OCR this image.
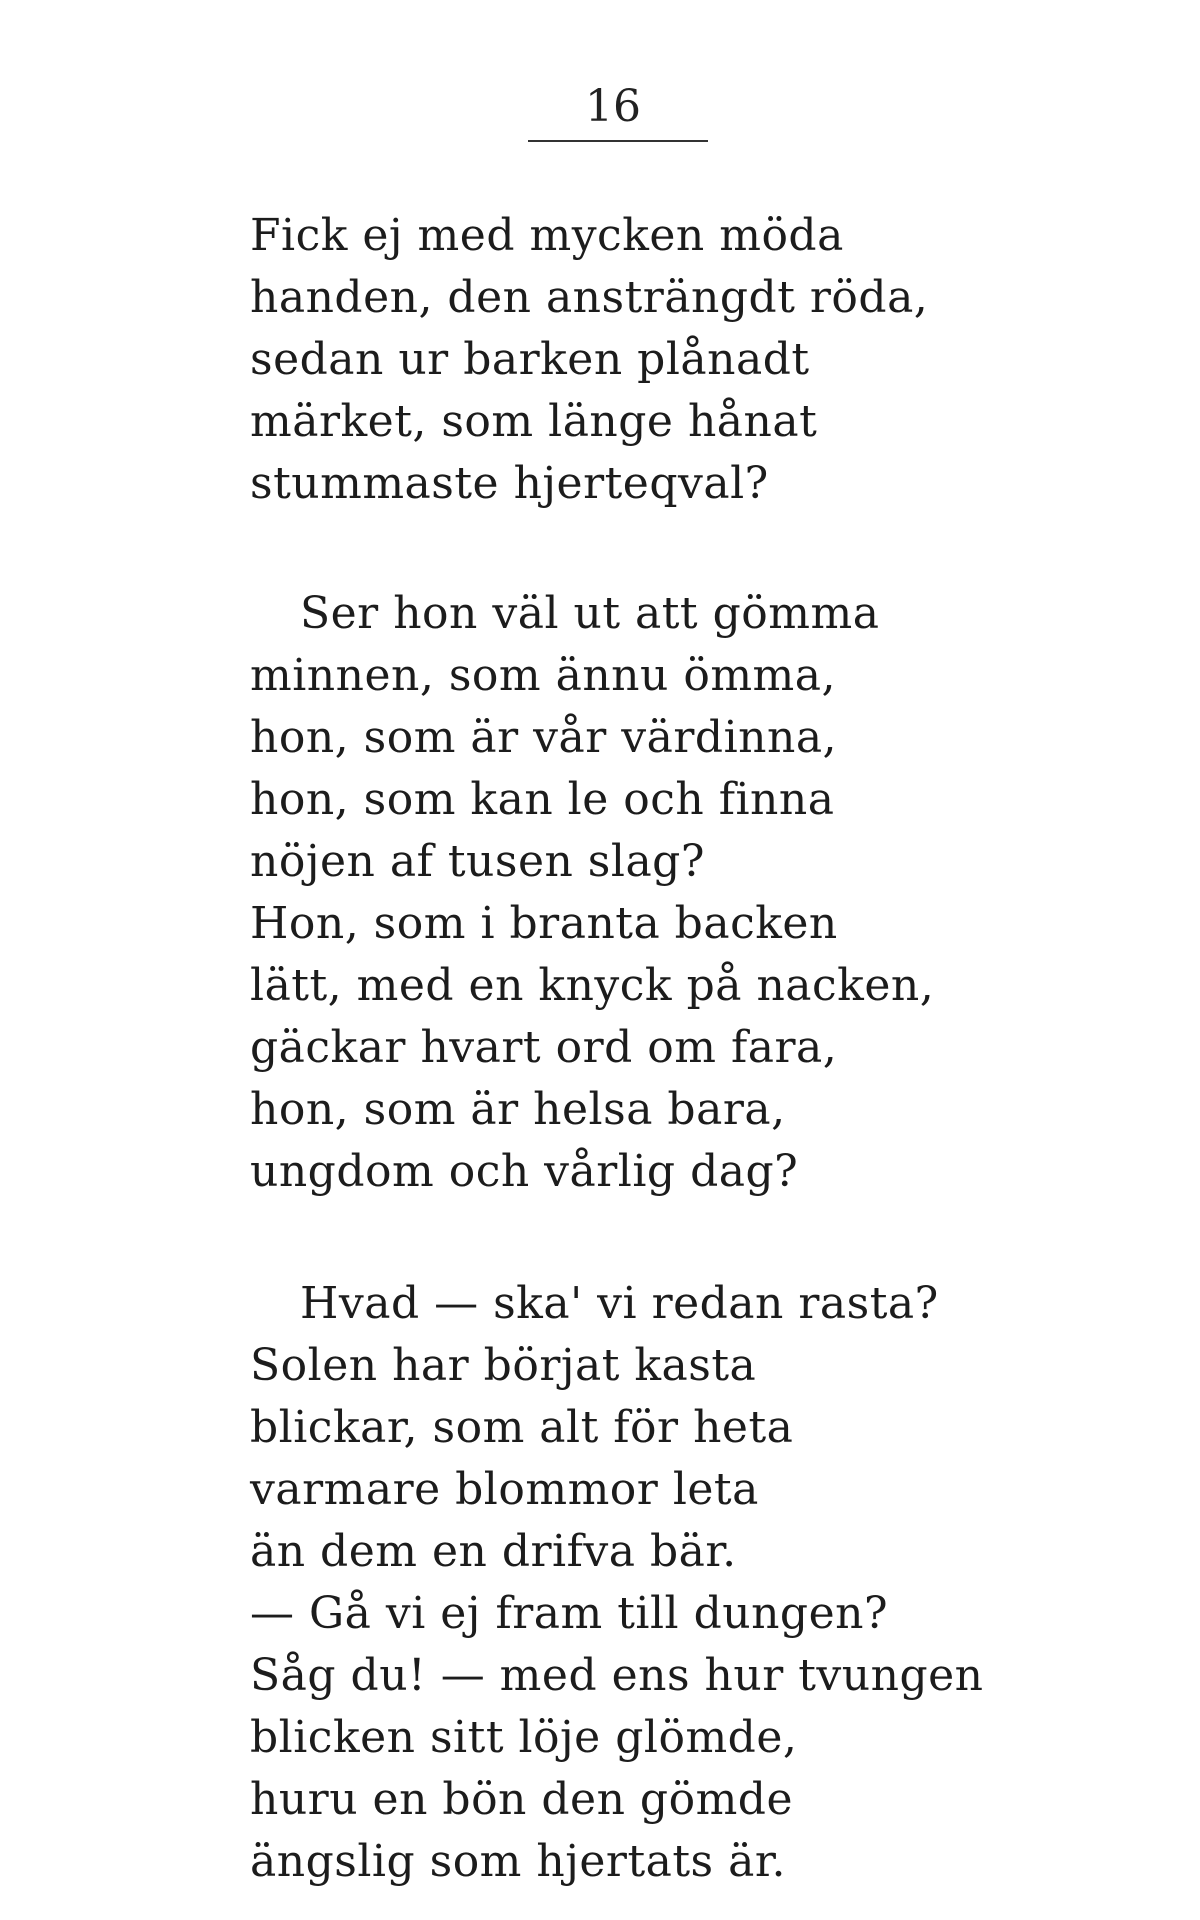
16
Fick ej med mycken möda
handen, den ansträngdt röda,
sedan ur barken plånadt
märket, som länge hånat
stummaste hjerteqval?
Ser hon väl ut att gömma
minnen, som ännu ömma,
hon, som är vår värdinna,
hon, som kan le och finna
nöjen af tusen slag?
Hon, som i branta backen
lätt, med en knyck på nacken,
gäckar hvart ord om fara,
hon, som är helsa bara,
ungdom och vårlig dag?
Hvad — ska' vi redan rasta?
Solen har börjat kasta
blickar, som alt för heta
varmare blommor leta
än dem en drifva bär.
— Gå vi ej fram till dungen?
Såg du! — med ens hur tvungen
blicken sitt löje glömde,
huru en bön den gömde
ängslig som hjertats är.
